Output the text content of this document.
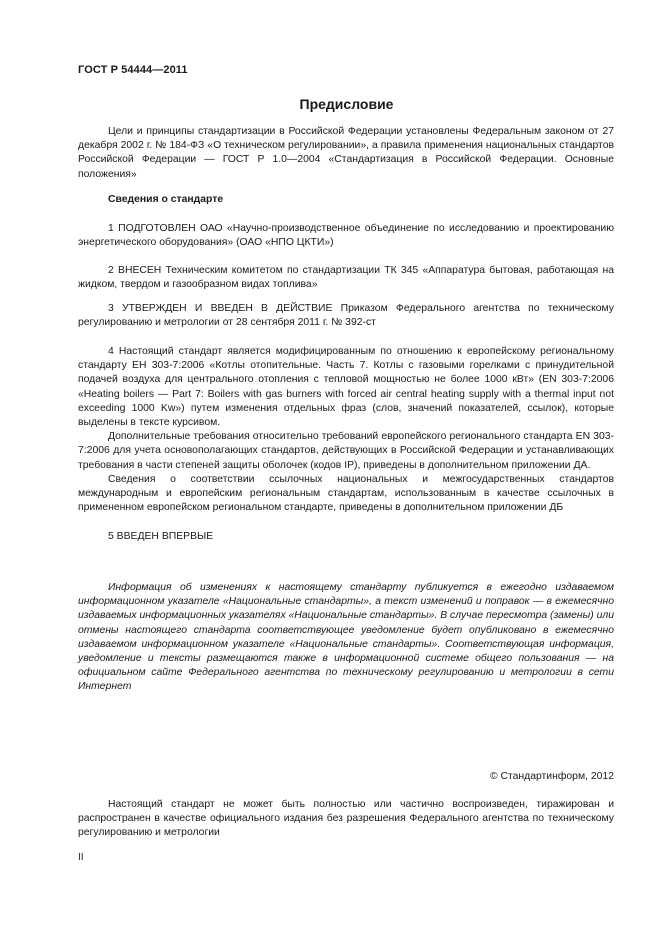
ГОСТ Р 54444—2011
Предисловие

Цели и принципы стандартизации в Российской Федерации установлены Федеральным законом от 27 декабря 2002 г. № 184-ФЗ «О техническом регулировании», а правила применения национальных стандартов Российской Федерации — ГОСТ Р 1.0—2004 «Стандартизация в Российской Федерации. Основные положения»

Сведения о стандарте

1 ПОДГОТОВЛЕН ОАО «Научно-производственное объединение по исследованию и проектированию энергетического оборудования» (ОАО «НПО ЦКТИ»)

2 ВНЕСЕН Техническим комитетом по стандартизации ТК 345 «Аппаратура бытовая, работающая на жидком, твердом и газообразном видах топлива»

3 УТВЕРЖДЕН И ВВЕДЕН В ДЕЙСТВИЕ Приказом Федерального агентства по техническому регулированию и метрологии от 28 сентября 2011 г. № 392-ст

4 Настоящий стандарт является модифицированным по отношению к европейскому региональному стандарту ЕН 303-7:2006 «Котлы отопительные. Часть 7. Котлы с газовыми горелками с принудительной подачей воздуха для центрального отопления с тепловой мощностью не более 1000 кВт» (EN 303-7:2006 «Heating boilers — Part 7: Boilers with gas burners with forced air central heating supply with a thermal input not exceeding 1000 Kw») путем изменения отдельных фраз (слов, значений показателей, ссылок), которые выделены в тексте курсивом.

Дополнительные требования относительно требований европейского регионального стандарта EN 303-7:2006 для учета основополагающих стандартов, действующих в Российской Федерации и устанавливающих требования в части степеней защиты оболочек (кодов IP), приведены в дополнительном приложении ДА.

Сведения о соответствии ссылочных национальных и межгосударственных стандартов международным и европейским региональным стандартам, использованным в качестве ссылочных в примененном европейском региональном стандарте, приведены в дополнительном приложении ДБ

5 ВВЕДЕН ВПЕРВЫЕ

Информация об изменениях к настоящему стандарту публикуется в ежегодно издаваемом информационном указателе «Национальные стандарты», а текст изменений и поправок — в ежемесячно издаваемых информационных указателях «Национальные стандарты». В случае пересмотра (замены) или отмены настоящего стандарта соответствующее уведомление будет опубликовано в ежемесячно издаваемом информационном указателе «Национальные стандарты». Соответствующая информация, уведомление и тексты размещаются также в информационной системе общего пользования — на официальном сайте Федерального агентства по техническому регулированию и метрологии в сети Интернет

© Стандартинформ, 2012

Настоящий стандарт не может быть полностью или частично воспроизведен, тиражирован и распространен в качестве официального издания без разрешения Федерального агентства по техническому регулированию и метрологии

II
